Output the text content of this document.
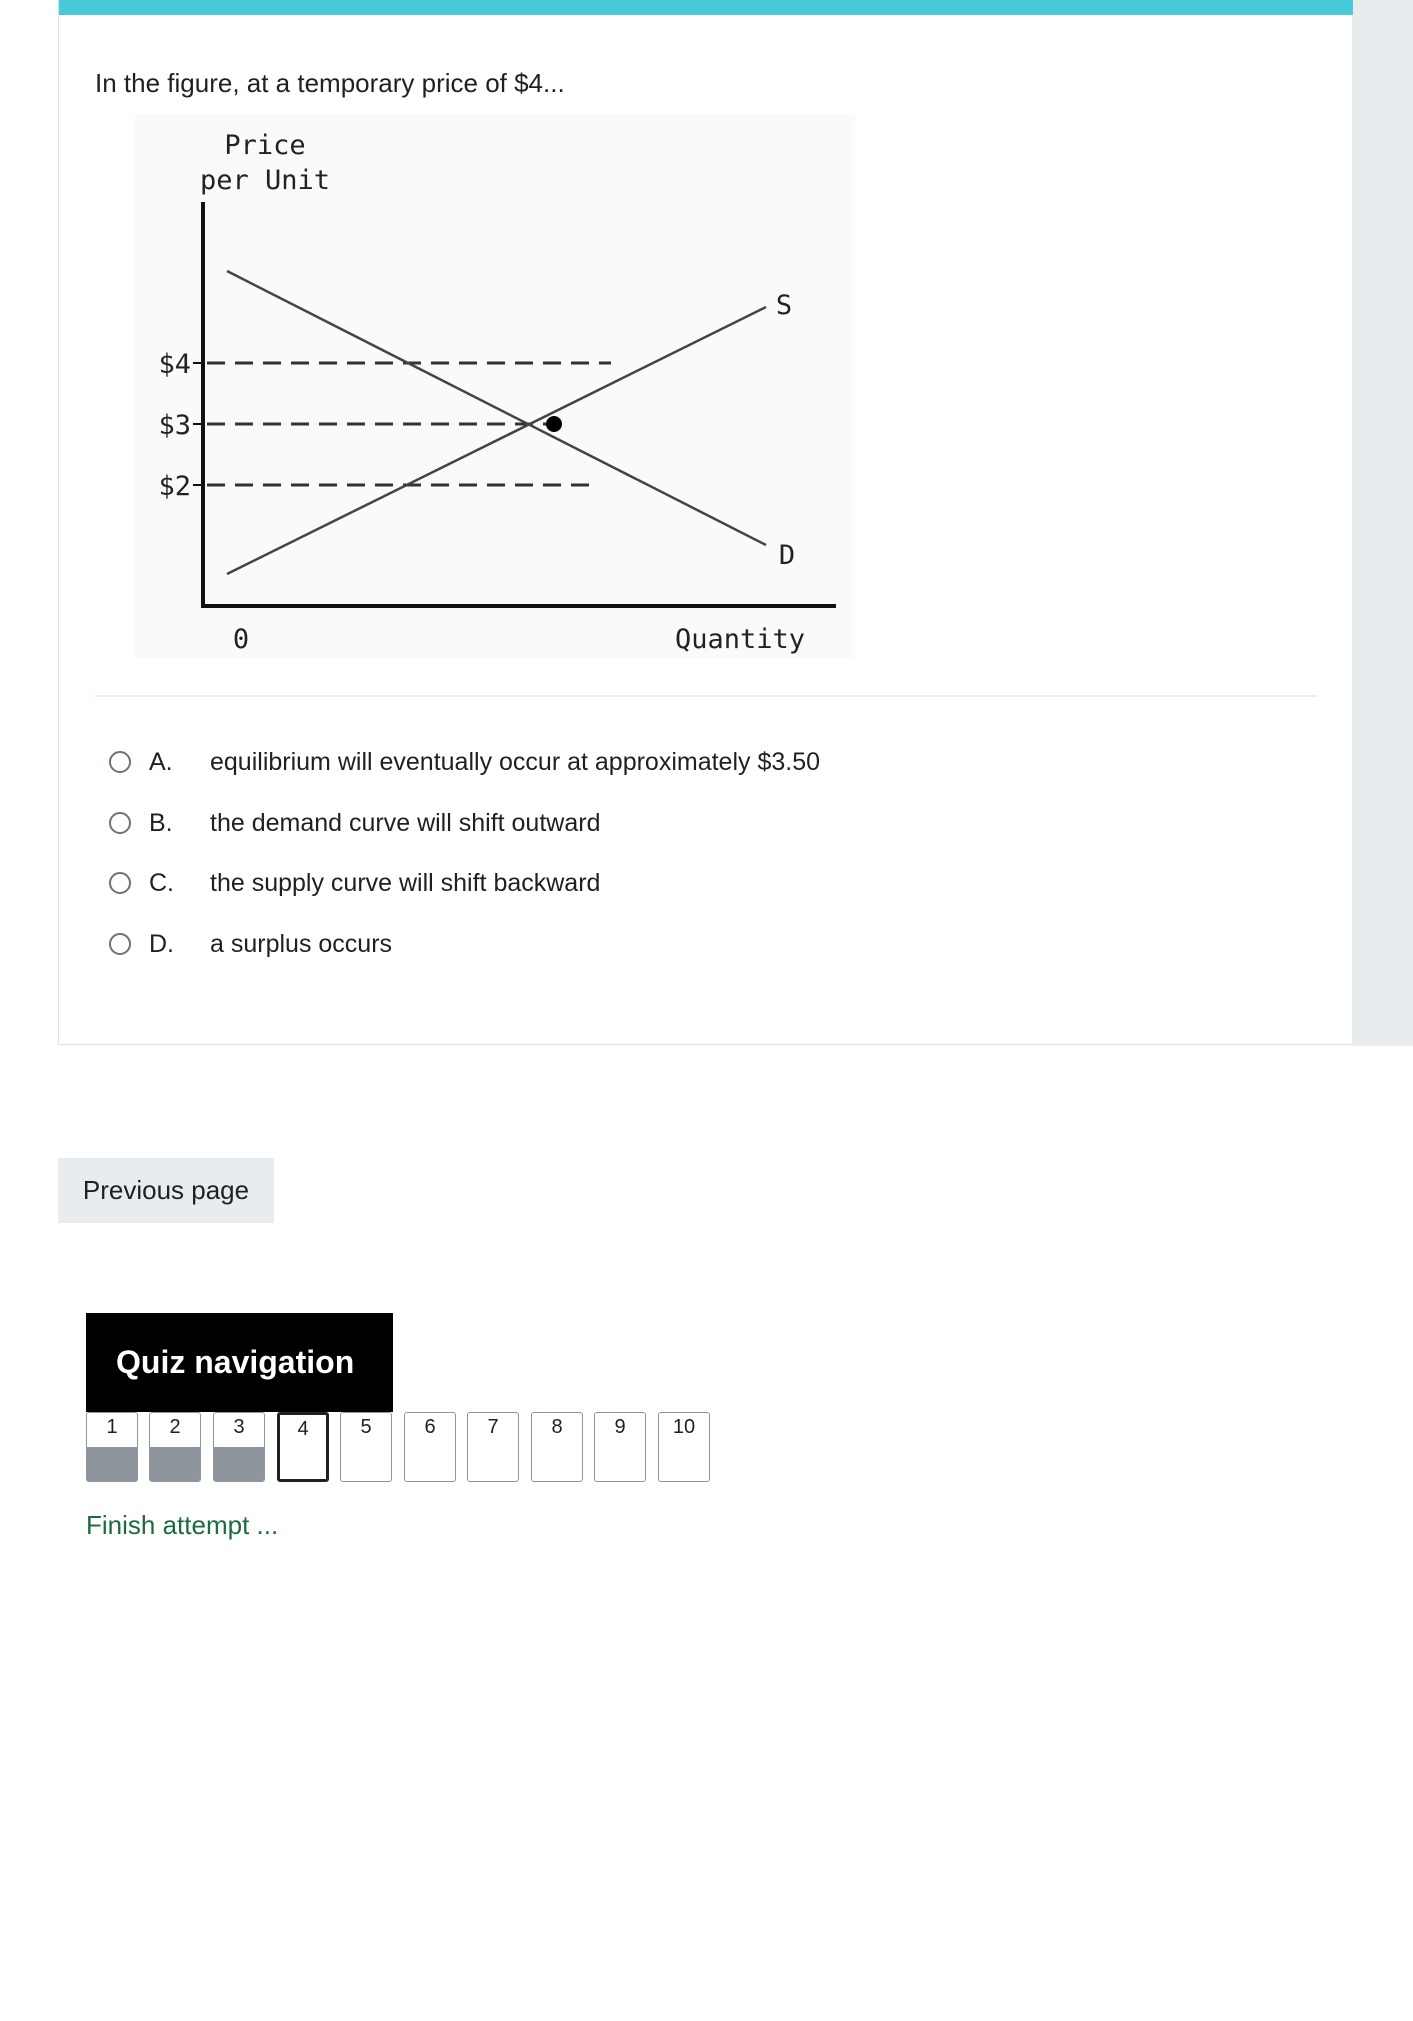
In the figure, at a temporary price of $4...
Price
per Unit
$4
$3
$2
S
D
Quantity
0
A. equilibrium will eventually occur at approximately $3.50
B. the demand curve will shift outward
C. the supply curve will shift backward
D. a surplus occurs
Previous page
Quiz navigation
1	2	3	4	5	6	7	8	9	10
Finish attempt ...
